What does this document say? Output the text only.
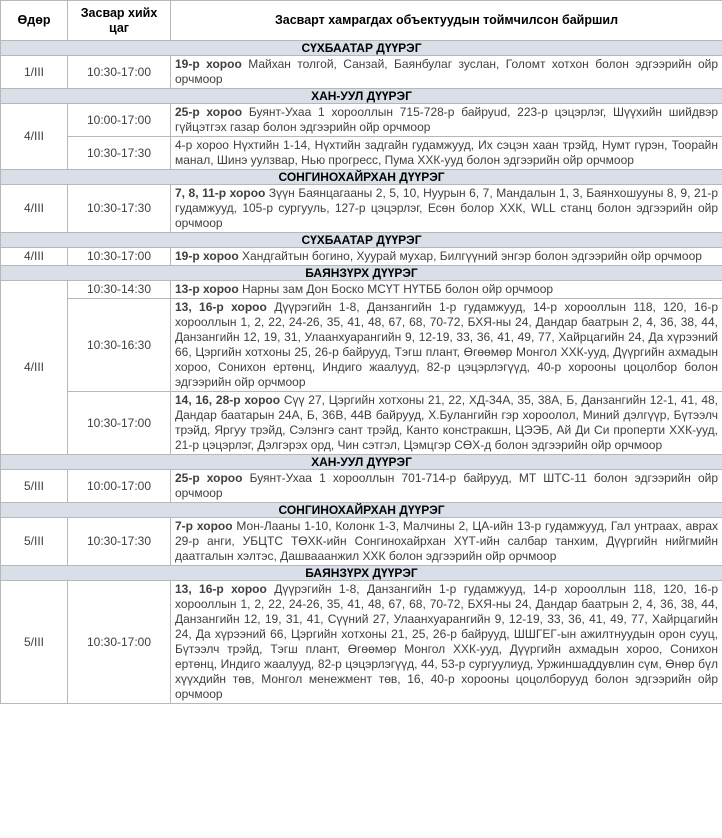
Өдөр	Засвар хийх цаг	Засварт хамрагдах объектуудын тоймчилсон байршил
СҮХБААТАР ДҮҮРЭГ		
1/III	10:30-17:00	19-р хороо Майхан толгой, Санзай, Баянбулаг зуслан, Голомт хотхон болон эдгээрийн ойр орчмоор
ХАН-УУЛ ДҮҮРЭГ		
4/III	10:00-17:00	25-р хороо Буянт-Ухаа 1 хорооллын 715-728-р байруud, 223-р цэцэрлэг, Шүүхийн шийдвэр гүйцэтгэх газар болон эдгээрийн ойр орчмоор
	10:30-17:30	4-р хороо Нүхтийн 1-14, Нүхтийн задгайн гудамжууд, Их сэцэн хаан трэйд, Нумт гүрэн, Тоорайн манал, Шинэ уулзвар, Нью прогресс, Пума ХХК-ууд болон эдгээрийн ойр орчмоор
СОНГИНОХАЙРХАН ДҮҮРЭГ		
4/III	10:30-17:30	7, 8, 11-р хороо Зүүн Баянцагааны 2, 5, 10, Нуурын 6, 7, Мандалын 1, 3, Баянхошууны 8, 9, 21-р гудамжууд, 105-р сургууль, 127-р цэцэрлэг, Есөн болор ХХК, WLL станц болон эдгээрийн ойр орчмоор
СҮХБААТАР ДҮҮРЭГ		
4/III	10:30-17:00	19-р хороо Хандгайтын богино, Хуурай мухар, Билгүүний энгэр болон эдгээрийн ойр орчмоор
БАЯНЗҮРХ ДҮҮРЭГ		
4/III	10:30-14:30	13-р хороо Нарны зам Дон Боско МСҮТ НҮТББ болон ойр орчмоор
	10:30-16:30	13, 16-р хороо Дүүрэгийн 1-8, Данзангийн 1-р гудамжууд, 14-р хорооллын 118, 120, 16-р хорооллын 1, 2, 22, 24-26, 35, 41, 48, 67, 68, 70-72, БХЯ-ны 24, Дандар баатрын 2, 4, 36, 38, 44, Данзангийн 12, 19, 31, Улаанхуарангийн 9, 12-19, 33, 36, 41, 49, 77, Хайрцагийн 24, Да хүрээний 66, Цэргийн хотхоны 25, 26-р байрууд, Тэгш плант, Өгөөмөр Монгол ХХК-ууд, Дүүргийн ахмадын хороо, Сонихон ертөнц, Индиго жаалууд, 82-р цэцэрлэгүүд, 40-р хорооны цоцолбор болон эдгээрийн ойр орчмоор
	10:30-17:00	14, 16, 28-р хороо Сүү 27, Цэргийн хотхоны 21, 22, ХД-34А, 35, 38А, Б, Данзангийн 12-1, 41, 48, Дандар баатарын 24А, Б, 36В, 44В байрууд, Х.Булангийн гэр хороолол, Миний дэлгүүр, Бүтээлч трэйд, Яргуу трэйд, Сэлэнгэ сант трэйд, Канто констракшн, ЦЭЭБ, Ай Ди Си проперти ХХК-ууд, 21-р цэцэрлэг, Дэлгэрэх орд, Чин сэтгэл, Цэмцгэр СӨХ-д болон эдгээрийн ойр орчмоор
ХАН-УУЛ ДҮҮРЭГ		
5/III	10:00-17:00	25-р хороо Буянт-Ухаа 1 хорооллын 701-714-р байрууд, МТ ШТС-11 болон эдгээрийн ойр орчмоор
СОНГИНОХАЙРХАН ДҮҮРЭГ		
5/III	10:30-17:30	7-р хороо Мон-Лааны 1-10, Колонк 1-3, Малчины 2, ЦА-ийн 13-р гудамжууд, Гал унтраах, аврах 29-р анги, УБЦТС ТӨХК-ийн Сонгинохайрхан ХҮТ-ийн салбар танхим, Дүүргийн нийгмийн даатгалын хэлтэс, Дашвааанжил ХХК болон эдгээрийн ойр орчмоор
БАЯНЗҮРХ ДҮҮРЭГ		
5/III	10:30-17:00	13, 16-р хороо Дүүрэгийн 1-8, Данзангийн 1-р гудамжууд, 14-р хорооллын 118, 120, 16-р хорооллын 1, 2, 22, 24-26, 35, 41, 48, 67, 68, 70-72, БХЯ-ны 24, Дандар баатрын 2, 4, 36, 38, 44, Данзангийн 12, 19, 31, 41, Сүүний 27, Улаанхуарангийн 9, 12-19, 33, 36, 41, 49, 77, Хайрцагийн 24, Да хүрээний 66, Цэргийн хотхоны 21, 25, 26-р байрууд, ШШГЕГ-ын ажилтнуудын орон сууц, Бүтээлч трэйд, Тэгш плант, Өгөөмөр Монгол ХХК-ууд, Дүүргийн ахмадын хороо, Сонихон ертөнц, Индиго жаалууд, 82-р цэцэрлэгүүд, 44, 53-р сургуулиуд, Уржиншаддувлин сүм, Өнөр бүл хүүхдийн төв, Монгол менежмент төв, 16, 40-р хорооны цоцолборууд болон эдгээрийн ойр орчмоор
